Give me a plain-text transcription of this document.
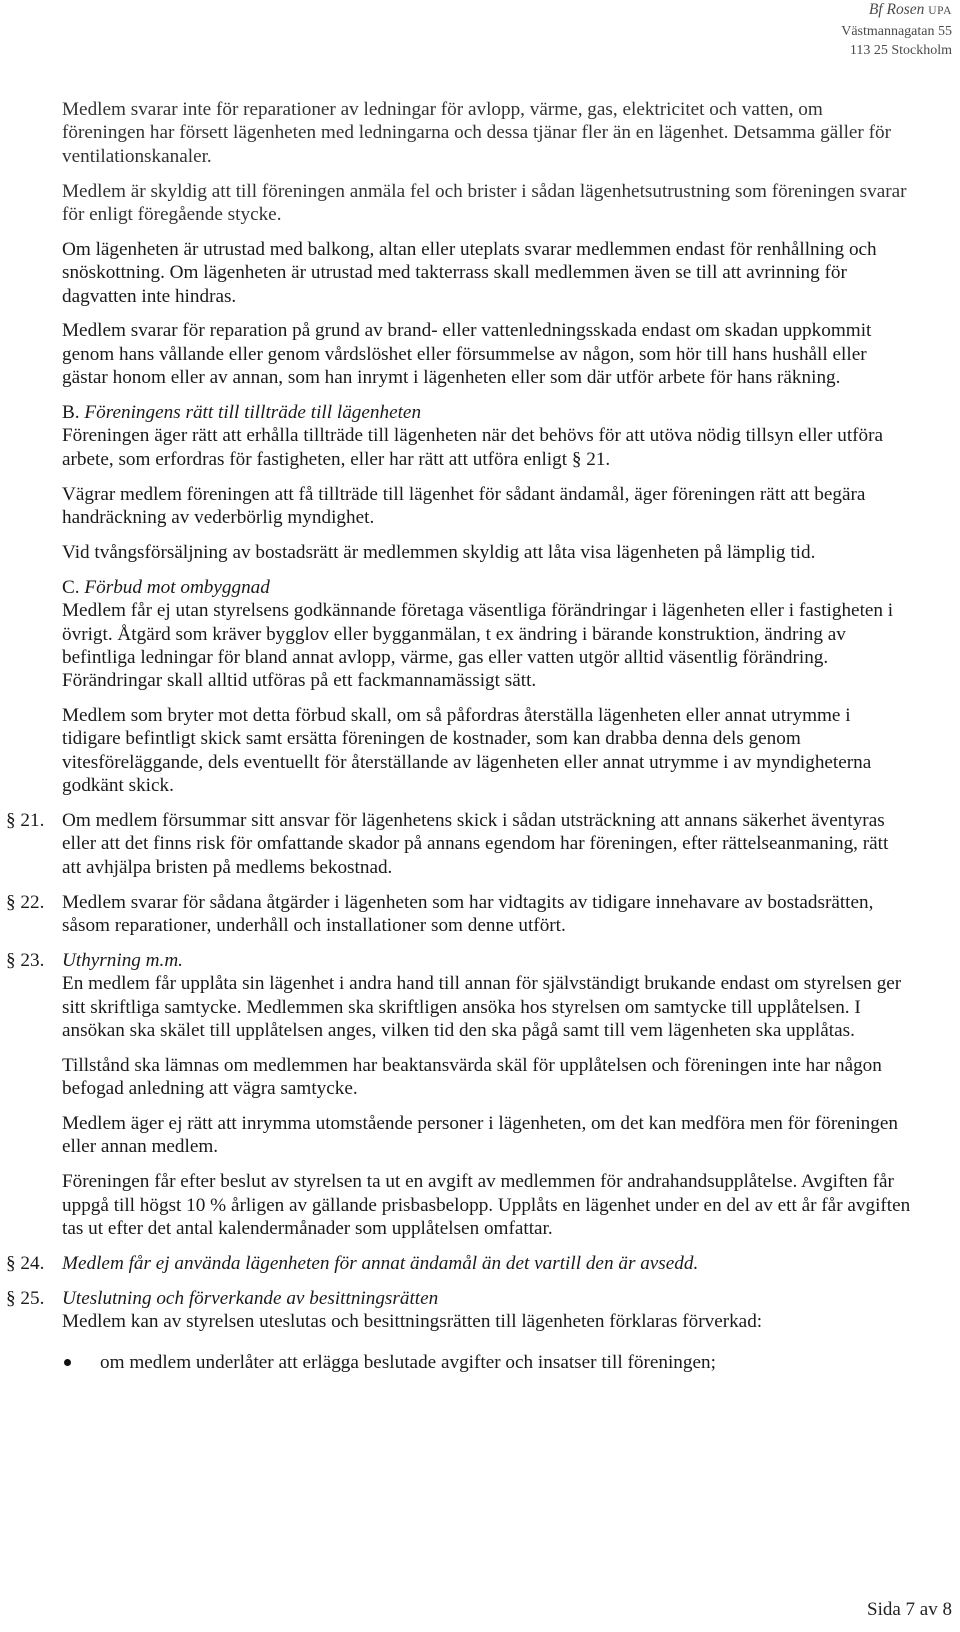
Bf Rosen UPA
Västmannagatan 55
113 25 Stockholm

Medlem svarar inte för reparationer av ledningar för avlopp, värme, gas, elektricitet och vatten, om
föreningen har försett lägenheten med ledningarna och dessa tjänar fler än en lägenhet. Detsamma gäller för
ventilationskanaler.

Medlem är skyldig att till föreningen anmäla fel och brister i sådan lägenhetsutrustning som föreningen svarar
för enligt föregående stycke.

Om lägenheten är utrustad med balkong, altan eller uteplats svarar medlemmen endast för renhållning och
snöskottning. Om lägenheten är utrustad med takterrass skall medlemmen även se till att avrinning för
dagvatten inte hindras.

Medlem svarar för reparation på grund av brand- eller vattenledningsskada endast om skadan uppkommit
genom hans vållande eller genom vårdslöshet eller försummelse av någon, som hör till hans hushåll eller
gästar honom eller av annan, som han inrymt i lägenheten eller som där utför arbete för hans räkning.

B. Föreningens rätt till tillträde till lägenheten
Föreningen äger rätt att erhålla tillträde till lägenheten när det behövs för att utöva nödig tillsyn eller utföra
arbete, som erfordras för fastigheten, eller har rätt att utföra enligt § 21.

Vägrar medlem föreningen att få tillträde till lägenhet för sådant ändamål, äger föreningen rätt att begära
handräckning av vederbörlig myndighet.

Vid tvångsförsäljning av bostadsrätt är medlemmen skyldig att låta visa lägenheten på lämplig tid.

C. Förbud mot ombyggnad
Medlem får ej utan styrelsens godkännande företaga väsentliga förändringar i lägenheten eller i fastigheten i
övrigt. Åtgärd som kräver bygglov eller bygganmälan, t ex ändring i bärande konstruktion, ändring av
befintliga ledningar för bland annat avlopp, värme, gas eller vatten utgör alltid väsentlig förändring.
Förändringar skall alltid utföras på ett fackmannamässigt sätt.

Medlem som bryter mot detta förbud skall, om så påfordras återställa lägenheten eller annat utrymme i
tidigare befintligt skick samt ersätta föreningen de kostnader, som kan drabba denna dels genom
vitesföreläggande, dels eventuellt för återställande av lägenheten eller annat utrymme i av myndigheterna
godkänt skick.

§ 21. Om medlem försummar sitt ansvar för lägenhetens skick i sådan utsträckning att annans säkerhet äventyras
eller att det finns risk för omfattande skador på annans egendom har föreningen, efter rättelseanmaning, rätt
att avhjälpa bristen på medlems bekostnad.
§ 22. Medlem svarar för sådana åtgärder i lägenheten som har vidtagits av tidigare innehavare av bostadsrätten,
såsom reparationer, underhåll och installationer som denne utfört.
§ 23. Uthyrning m.m.
En medlem får upplåta sin lägenhet i andra hand till annan för självständigt brukande endast om styrelsen ger
sitt skriftliga samtycke. Medlemmen ska skriftligen ansöka hos styrelsen om samtycke till upplåtelsen. I
ansökan ska skälet till upplåtelsen anges, vilken tid den ska pågå samt till vem lägenheten ska upplåtas.

Tillstånd ska lämnas om medlemmen har beaktansvärda skäl för upplåtelsen och föreningen inte har någon
befogad anledning att vägra samtycke.

Medlem äger ej rätt att inrymma utomstående personer i lägenheten, om det kan medföra men för föreningen
eller annan medlem.

Föreningen får efter beslut av styrelsen ta ut en avgift av medlemmen för andrahandsupplåtelse. Avgiften får
uppgå till högst 10 % årligen av gällande prisbasbelopp. Upplåts en lägenhet under en del av ett år får avgiften
tas ut efter det antal kalendermånader som upplåtelsen omfattar.

§ 24. Medlem får ej använda lägenheten för annat ändamål än det vartill den är avsedd.
§ 25. Uteslutning och förverkande av besittningsrätten
Medlem kan av styrelsen uteslutas och besittningsrätten till lägenheten förklaras förverkad:
om medlem underlåter att erlägga beslutade avgifter och insatser till föreningen;
Sida 7 av 8
